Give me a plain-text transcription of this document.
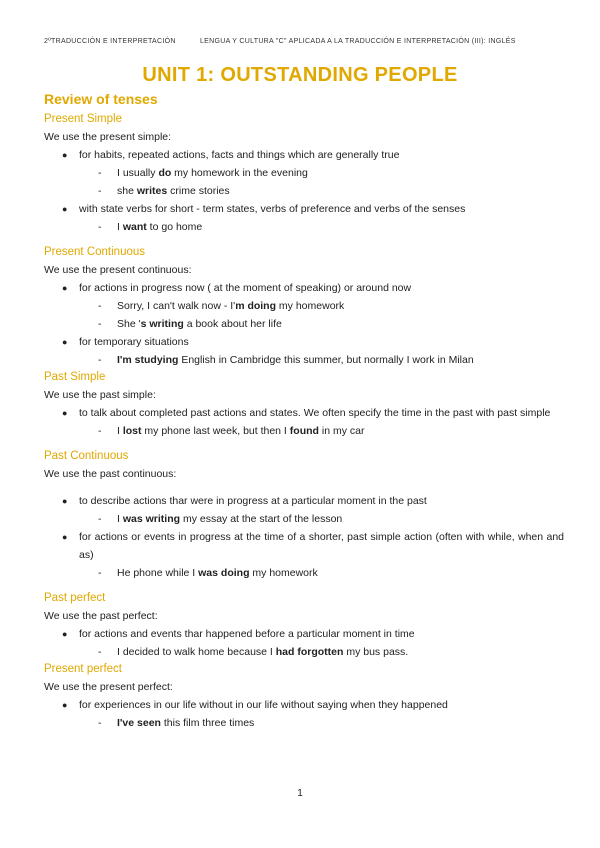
2ºTRADUCCIÓN E INTERPRETACIÓN	LENGUA Y CULTURA "C" APLICADA A LA TRADUCCIÓN E INTERPRETACIÓN (III): INGLÉS
UNIT 1: OUTSTANDING PEOPLE
Review of tenses
Present Simple
We use the present simple:
● for habits, repeated actions, facts and things which are generally true
- I usually do my homework in the evening
- she writes crime stories
● with state verbs for short - term states, verbs of preference and verbs of the senses
- I want to go home
Present Continuous
We use the present continuous:
● for actions in progress now ( at the moment of speaking) or around now
- Sorry, I can't walk now - I'm doing my homework
- She 's writing a book about her life
● for temporary situations
- I'm studying English in Cambridge this summer, but normally I work in Milan
Past Simple
We use the past simple:
● to talk about completed past actions and states. We often specify the time in the past with past simple
- I lost my phone last week, but then I found in my car
Past Continuous
We use the past continuous:
● to describe actions thar were in progress at a particular moment in the past
- I was writing my essay at the start of the lesson
● for actions or events in progress at the time of a shorter, past simple action (often with while, when and as)
- He phone while I was doing my homework
Past perfect
We use the past perfect:
● for actions and events thar happened before a particular moment in time
- I decided to walk home because I had forgotten my bus pass.
Present perfect
We use the present perfect:
● for experiences in our life without in our life without saying when they happened
- I've seen this film three times
1
